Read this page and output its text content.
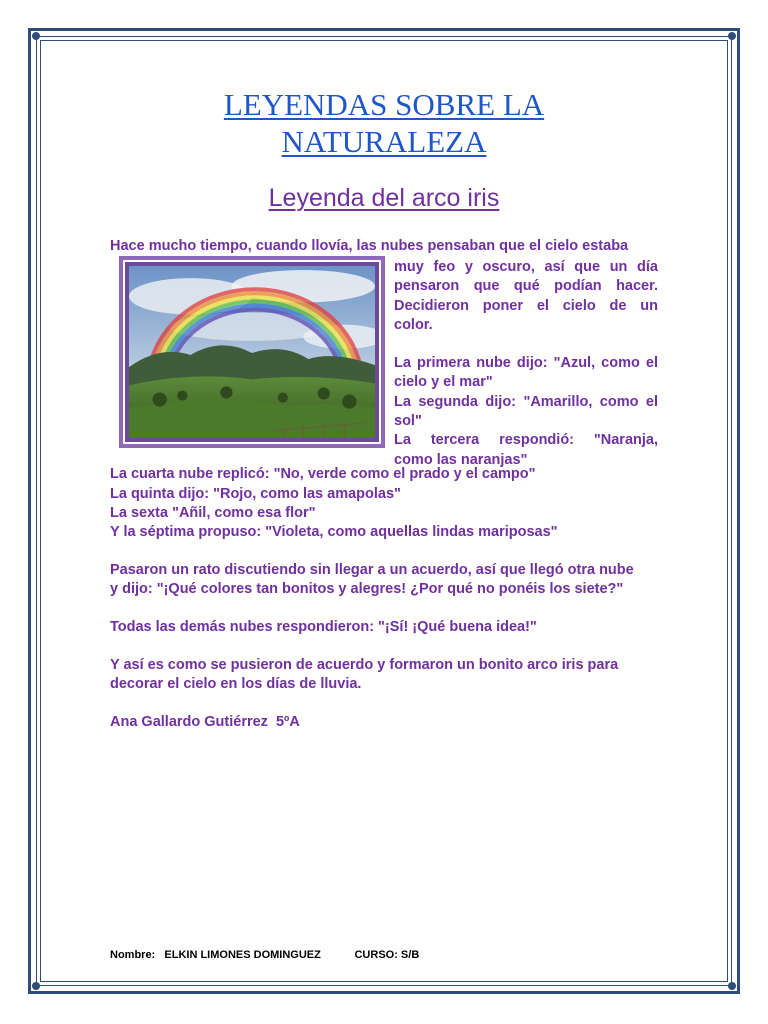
LEYENDAS SOBRE LA
NATURALEZA
Leyenda del arco iris
Hace mucho tiempo, cuando llovía, las nubes pensaban que el cielo estaba

muy feo y oscuro, así que un día

pensaron que qué podían hacer.

Decidieron poner el cielo de un

color.

La primera nube dijo: "Azul, como el

cielo y el mar"

La segunda dijo: "Amarillo, como el

sol"

La tercera respondió: "Naranja,

como las naranjas"

La cuarta nube replicó: "No, verde como el prado y el campo"
La quinta dijo: "Rojo, como las amapolas"
La sexta "Añil, como esa flor"
Y la séptima propuso: "Violeta, como aquellas lindas mariposas"
Pasaron un rato discutiendo sin llegar a un acuerdo, así que llegó otra nube
y dijo: "¡Qué colores tan bonitos y alegres! ¿Por qué no ponéis los siete?"
Todas las demás nubes respondieron: "¡Sí! ¡Qué buena idea!"
Y así es como se pusieron de acuerdo y formaron un bonito arco iris para
decorar el cielo en los días de lluvia.
Ana Gallardo Gutiérrez  5ºA
Nombre: ELKIN LIMONES DOMINGUEZ	CURSO: S/B
